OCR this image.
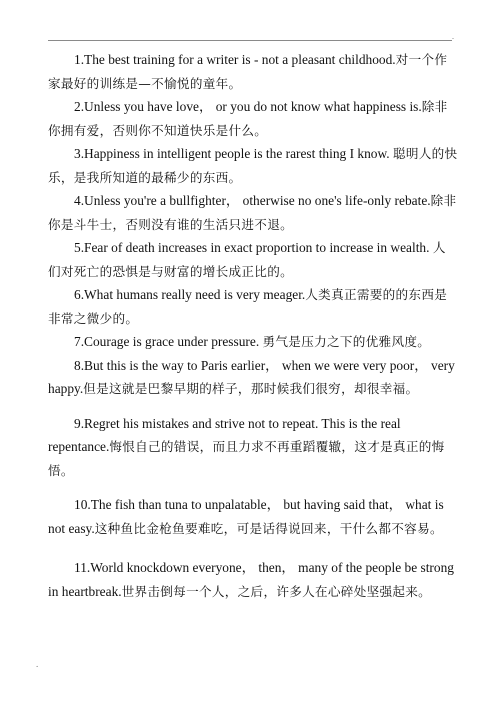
.

1.The best training for a writer is - not a pleasant childhood.对一个作家最好的训练是—不愉悦的童年。

2.Unless you have love， or you do not know what happiness is.除非你拥有爱，否则你不知道快乐是什么。

3.Happiness in intelligent people is the rarest thing I know. 聪明人的快乐，是我所知道的最稀少的东西。

4.Unless you're a bullfighter， otherwise no one's life-only rebate.除非你是斗牛士，否则没有谁的生活只进不退。

5.Fear of death increases in exact proportion to increase in wealth. 人们对死亡的恐惧是与财富的增长成正比的。

6.What humans really need is very meager.人类真正需要的的东西是非常之微少的。

7.Courage is grace under pressure. 勇气是压力之下的优雅风度。

8.But this is the way to Paris earlier， when we were very poor， very happy.但是这就是巴黎早期的样子，那时候我们很穷，却很幸福。

9.Regret his mistakes and strive not to repeat. This is the real repentance.悔恨自己的错误，而且力求不再重蹈覆辙，这才是真正的悔悟。

10.The fish than tuna to unpalatable， but having said that， what is not easy.这种鱼比金枪鱼要难吃，可是话得说回来，干什么都不容易。

11.World knockdown everyone， then， many of the people be strong in heartbreak.世界击倒每一个人，之后，许多人在心碎处坚强起来。

.
